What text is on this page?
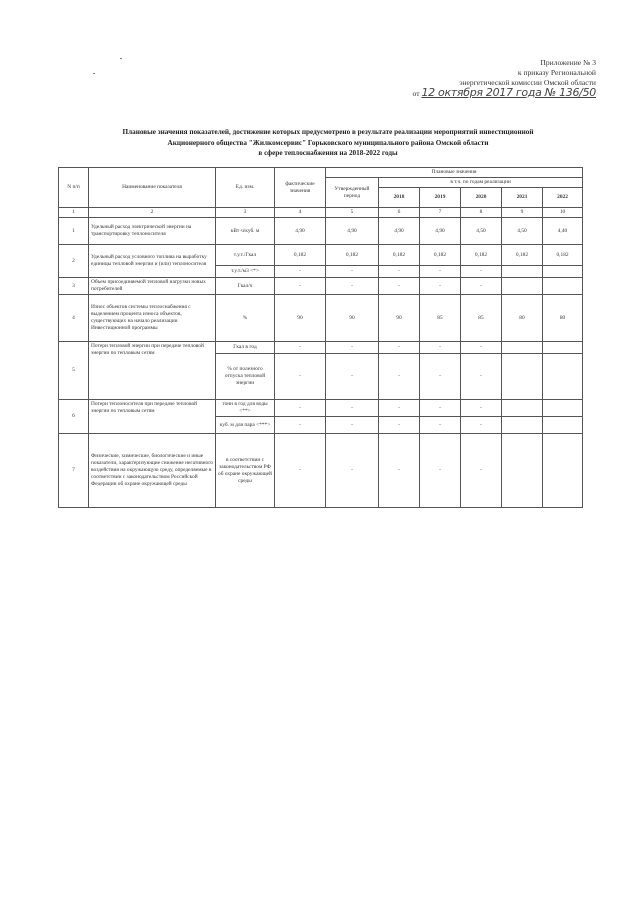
Приложение № 3
к приказу Региональной
энергетической комиссии Омской области
от 12 октября 2017 года № 136/50
Плановые значения показателей, достижение которых предусмотрено в результате реализации мероприятий инвестиционной
Акционерного общества "Жилкомсервис" Горьковского муниципального района Омской области
в сфере теплоснабжения на 2018-2022 годы
N п/п	Наименование показателя	Ед. изм.	фактические значения	Плановые значения					
				Утвержденный период	в т.ч. по годам реализации				
					2018	2019	2020	2021	2022
1	2	3	4	5	6	7	8	9	10
1	Удельный расход электрической энергии на транспортировку теплоносителя	кВт·ч/куб. м	4,90	4,90	4,90	4,90	4,50	4,50	4,40
2	Удельный расход условного топлива на выработку единицы тепловой энергии и (или) теплоносителя	т.у.т./Гкал	0,182	0,182	0,182	0,182	0,182	0,182	0,182
		т.у.т./м3 <*>	-	-	-	-	-		
3	Объем присоединяемой тепловой нагрузки новых потребителей	Гкал/ч	-	-	-	-	-		
4	Износ объектов системы теплоснабжения с выделением процента износа объектов, существующих на начало реализации Инвестиционной программы	%	90	90	90	85	85	80	80
5	Потери тепловой энергии при передаче тепловой энергии по тепловым сетям	Гкал в год	-	-	-	-	-		
		% от полезного отпуска тепловой энергии	-	-	-	-	-		
6	Потери теплоносителя при передаче тепловой энергии по тепловым сетям	тонн в год для воды <**>	-	-	-	-	-		
		куб. м для пара <***>	-	-	-	-	-		
7	Физические, химические, биологические и иные показатели, характеризующие снижение негативного воздействия на окружающую среду, определяемые в соответствии с законодательством Российской Федерации об охране окружающей среды	в соответствии с законодательством РФ об охране окружающей среды	-	-	-	-	-		
